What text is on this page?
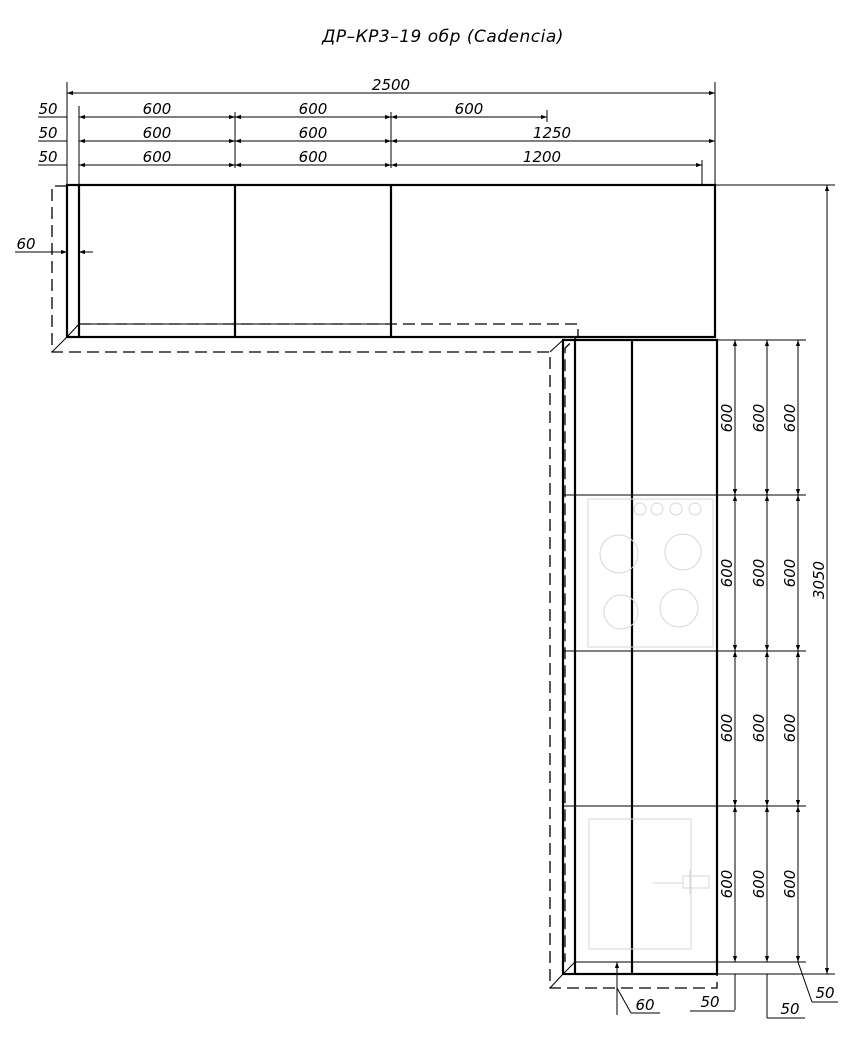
ДР–КР3–19 обр (Cadencia)
2500
50	600	600	600
50	600	600	1250
50	600	600	1200
60
600
600
600
600
600
600
600
600
600
600
600
600
3050
60	50	50
50
